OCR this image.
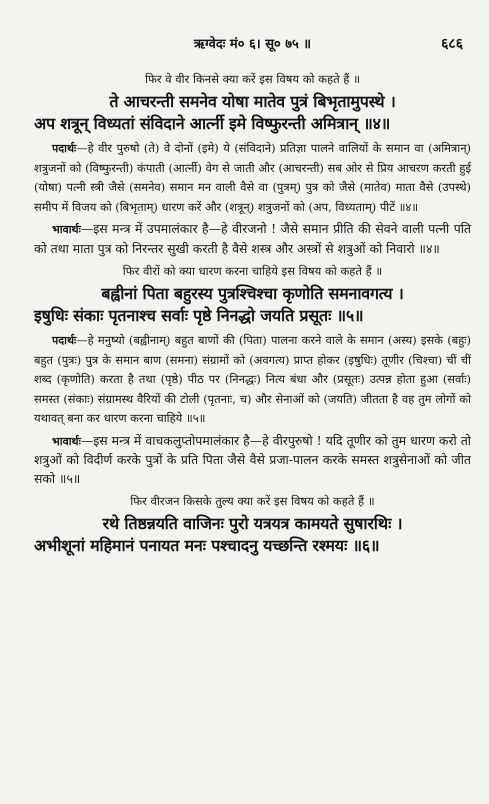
ऋग्वेदः मं० ६। सू० ७५ ॥	६८६

फिर वे वीर किनसे क्या करें इस विषय को कहते हैं ॥

ते आचरन्ती समनेव योषा मातेव पुत्रं बिभृतामुपस्थे ।

अप शत्रून् विध्यतां संविदाने आर्त्नी इमे विष्फुरन्ती अमित्रान् ॥४॥

पदार्थः—हे वीर पुरुषो (ते) वे दोनों (इमे) ये (संविदाने) प्रतिज्ञा पालने वालियों के समान वा (अमित्रान्) शत्रुजनों को (विष्फुरन्ती) कंपाती (आर्त्नी) वेग से जाती और (आचरन्ती) सब ओर से प्रिय आचरण करती हुई (योषा) पत्नी स्त्री जैसे (समनेव) समान मन वाली वैसे वा (पुत्रम्) पुत्र को जैसे (मातेव) माता वैसे (उपस्थे) समीप में विजय को (बिभृताम्) धारण करें और (शत्रून्) शत्रुजनों को (अप, विध्यताम्) पीटें ॥४॥

भावार्थः—इस मन्त्र में उपमालंकार है—हे वीरजनो ! जैसे समान प्रीति की सेवने वाली पत्नी पति को तथा माता पुत्र को निरन्तर सुखी करती है वैसे शस्त्र और अस्त्रों से शत्रुओं को निवारो ॥४॥

फिर वीरों को क्या धारण करना चाहिये इस विषय को कहते हैं ॥

बह्वीनां पिता बहुरस्य पुत्रश्चिश्चा कृणोति समनावगत्य ।

इषुधिः संकाः पृतनाश्च सर्वाः पृष्ठे निनद्धो जयति प्रसूतः ॥५॥

पदार्थः—हे मनुष्यो (बह्वीनाम्) बहुत बाणों की (पिता) पालना करने वाले के समान (अस्य) इसके (बहुः) बहुत (पुत्रः) पुत्र के समान बाण (समना) संग्रामों को (अवगत्य) प्राप्त होकर (इषुधिः) तूणीर (चिश्चा) चीं चीं शब्द (कृणोति) करता है तथा (पृष्ठे) पीठ पर (निनद्धः) नित्य बंधा और (प्रसूतः) उत्पन्न होता हुआ (सर्वाः) समस्त (संकाः) संग्रामस्थ वैरियों की टोली (पृतनाः, च) और सेनाओं को (जयति) जीतता है वह तुम लोगों को यथावत् बना कर धारण करना चाहिये ॥५॥

भावार्थः—इस मन्त्र में वाचकलुप्तोपमालंकार है—हे वीरपुरुषो ! यदि तूणीर को तुम धारण करो तो शत्रुओं को विदीर्ण करके पुत्रों के प्रति पिता जैसे वैसे प्रजा-पालन करके समस्त शत्रुसेनाओं को जीत सको ॥५॥

फिर वीरजन किसके तुल्य क्या करें इस विषय को कहते हैं ॥

रथे तिष्ठन्नयति वाजिनः पुरो यत्रयत्र कामयते सुषारथिः ।

अभीशूनां महिमानं पनायत मनः पश्चादनु यच्छन्ति रश्मयः ॥६॥
